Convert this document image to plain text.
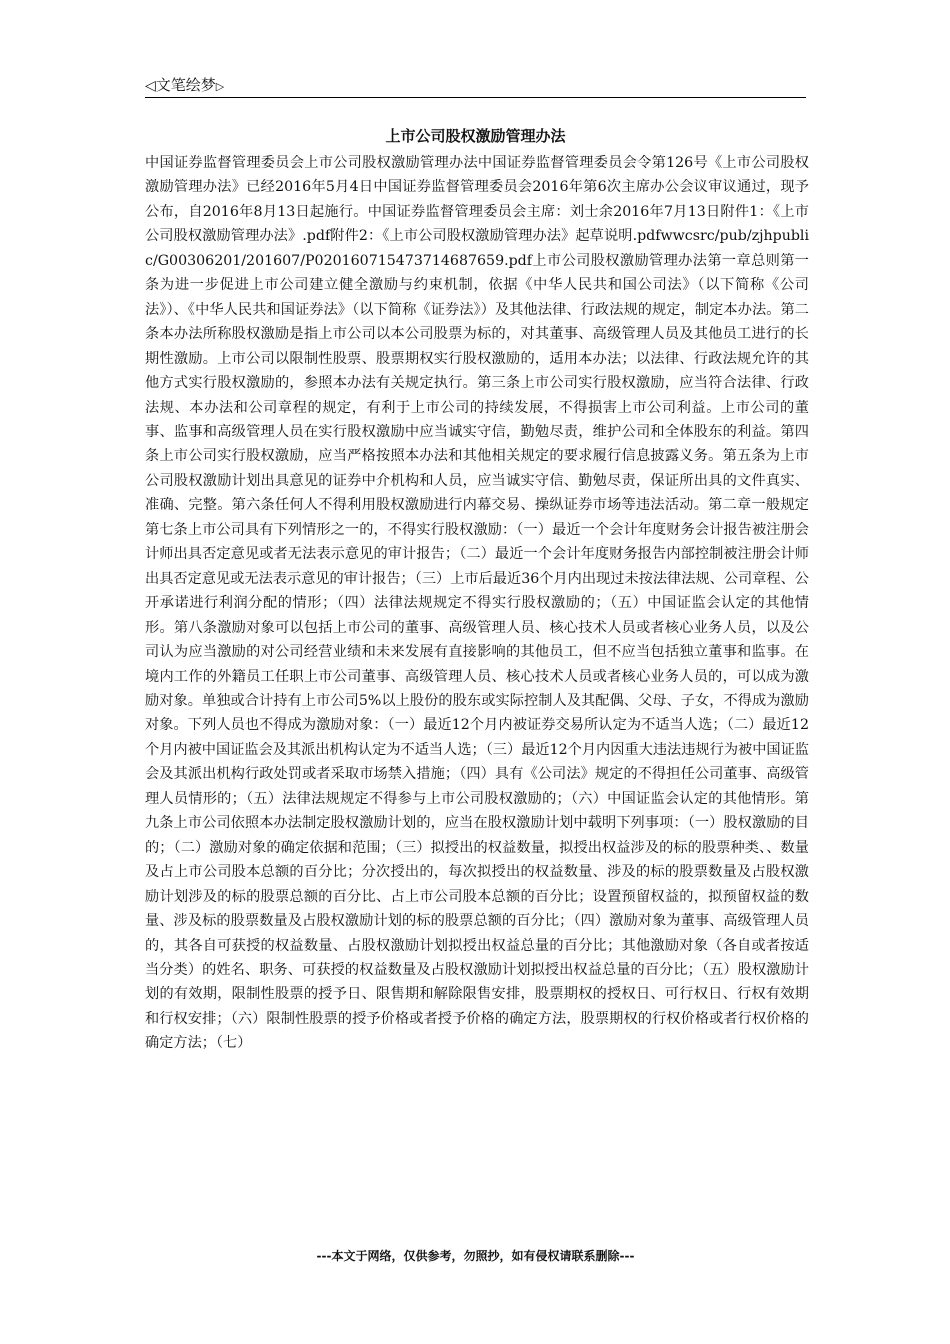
◁文笔绘梦▷
上市公司股权激励管理办法
中国证券监督管理委员会上市公司股权激励管理办法中国证券监督管理委员会令第126号《上市公司股权激励管理办法》已经2016年5月4日中国证券监督管理委员会2016年第6次主席办公会议审议通过，现予公布，自2016年8月13日起施行。中国证券监督管理委员会主席：刘士余2016年7月13日附件1：《上市公司股权激励管理办法》.pdf附件2：《上市公司股权激励管理办法》起草说明.pdfwwcsrc/pub/zjhpublic/G00306201/201607/P020160715473714687659.pdf上市公司股权激励管理办法第一章总则第一条为进一步促进上市公司建立健全激励与约束机制，依据《中华人民共和国公司法》（以下简称《公司法》）、《中华人民共和国证券法》（以下简称《证券法》）及其他法律、行政法规的规定，制定本办法。第二条本办法所称股权激励是指上市公司以本公司股票为标的，对其董事、高级管理人员及其他员工进行的长期性激励。上市公司以限制性股票、股票期权实行股权激励的，适用本办法；以法律、行政法规允许的其他方式实行股权激励的，参照本办法有关规定执行。第三条上市公司实行股权激励，应当符合法律、行政法规、本办法和公司章程的规定，有利于上市公司的持续发展，不得损害上市公司利益。上市公司的董事、监事和高级管理人员在实行股权激励中应当诚实守信，勤勉尽责，维护公司和全体股东的利益。第四条上市公司实行股权激励，应当严格按照本办法和其他相关规定的要求履行信息披露义务。第五条为上市公司股权激励计划出具意见的证券中介机构和人员，应当诚实守信、勤勉尽责，保证所出具的文件真实、准确、完整。第六条任何人不得利用股权激励进行内幕交易、操纵证券市场等违法活动。第二章一般规定第七条上市公司具有下列情形之一的，不得实行股权激励：（一）最近一个会计年度财务会计报告被注册会计师出具否定意见或者无法表示意见的审计报告；（二）最近一个会计年度财务报告内部控制被注册会计师出具否定意见或无法表示意见的审计报告；（三）上市后最近36个月内出现过未按法律法规、公司章程、公开承诺进行利润分配的情形；（四）法律法规规定不得实行股权激励的；（五）中国证监会认定的其他情形。第八条激励对象可以包括上市公司的董事、高级管理人员、核心技术人员或者核心业务人员，以及公司认为应当激励的对公司经营业绩和未来发展有直接影响的其他员工，但不应当包括独立董事和监事。在境内工作的外籍员工任职上市公司董事、高级管理人员、核心技术人员或者核心业务人员的，可以成为激励对象。单独或合计持有上市公司5%以上股份的股东或实际控制人及其配偶、父母、子女，不得成为激励对象。下列人员也不得成为激励对象：（一）最近12个月内被证券交易所认定为不适当人选；（二）最近12个月内被中国证监会及其派出机构认定为不适当人选；（三）最近12个月内因重大违法违规行为被中国证监会及其派出机构行政处罚或者采取市场禁入措施；（四）具有《公司法》规定的不得担任公司董事、高级管理人员情形的；（五）法律法规规定不得参与上市公司股权激励的；（六）中国证监会认定的其他情形。第九条上市公司依照本办法制定股权激励计划的，应当在股权激励计划中载明下列事项：（一）股权激励的目的；（二）激励对象的确定依据和范围；（三）拟授出的权益数量，拟授出权益涉及的标的股票种类、、数量及占上市公司股本总额的百分比；分次授出的，每次拟授出的权益数量、涉及的标的股票数量及占股权激励计划涉及的标的股票总额的百分比、占上市公司股本总额的百分比；设置预留权益的，拟预留权益的数量、涉及标的股票数量及占股权激励计划的标的股票总额的百分比；（四）激励对象为董事、高级管理人员的，其各自可获授的权益数量、占股权激励计划拟授出权益总量的百分比；其他激励对象（各自或者按适当分类）的姓名、职务、可获授的权益数量及占股权激励计划拟授出权益总量的百分比；（五）股权激励计划的有效期，限制性股票的授予日、限售期和解除限售安排，股票期权的授权日、可行权日、行权有效期和行权安排；（六）限制性股票的授予价格或者授予价格的确定方法，股票期权的行权价格或者行权价格的确定方法；（七）
---本文于网络，仅供参考，勿照抄，如有侵权请联系删除---
